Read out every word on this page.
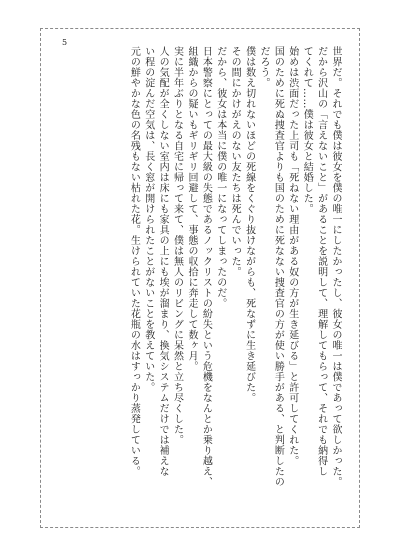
5

世界だ。それでも僕は彼女を僕の唯一にしたかったし、彼女の唯一は僕であって欲しかった。

だから沢山の「言えないこと」があることを説明して、理解してもらって、それでも納得し

てくれて……僕は彼女と結婚した。

始めは渋面だった上司も「死ねない理由がある奴の方が生き延びる」と許可してくれた。

国のために死ぬ捜査官よりも国のために死なない捜査官の方が使い勝手がある、と判断したの

だろう。

僕は数え切れないほどの死線をくぐり抜けながらも、死なずに生き延びた。

その間にかけがえのない友たちは死んでいった。

だから、彼女は本当に僕の唯一になってしまったのだ。

日本警察にとっての最大級の失態であるノックリストの紛失という危機をなんとか乗り越え、

組織からの疑いもギリギリ回避して、事態の収拾に奔走して数ヶ月。

実に半年ぶりとなる自宅に帰って来て、僕は無人のリビングに呆然と立ち尽くした。

人の気配が全くしない室内は床にも家具の上にも埃が溜まり、換気システムだけでは補えな

い程の淀んだ空気は、長く窓が開けられたことがないことを教えていた。

元の鮮やかな色の名残もない枯れた花。生けられていた花瓶の水はすっかり蒸発している。
